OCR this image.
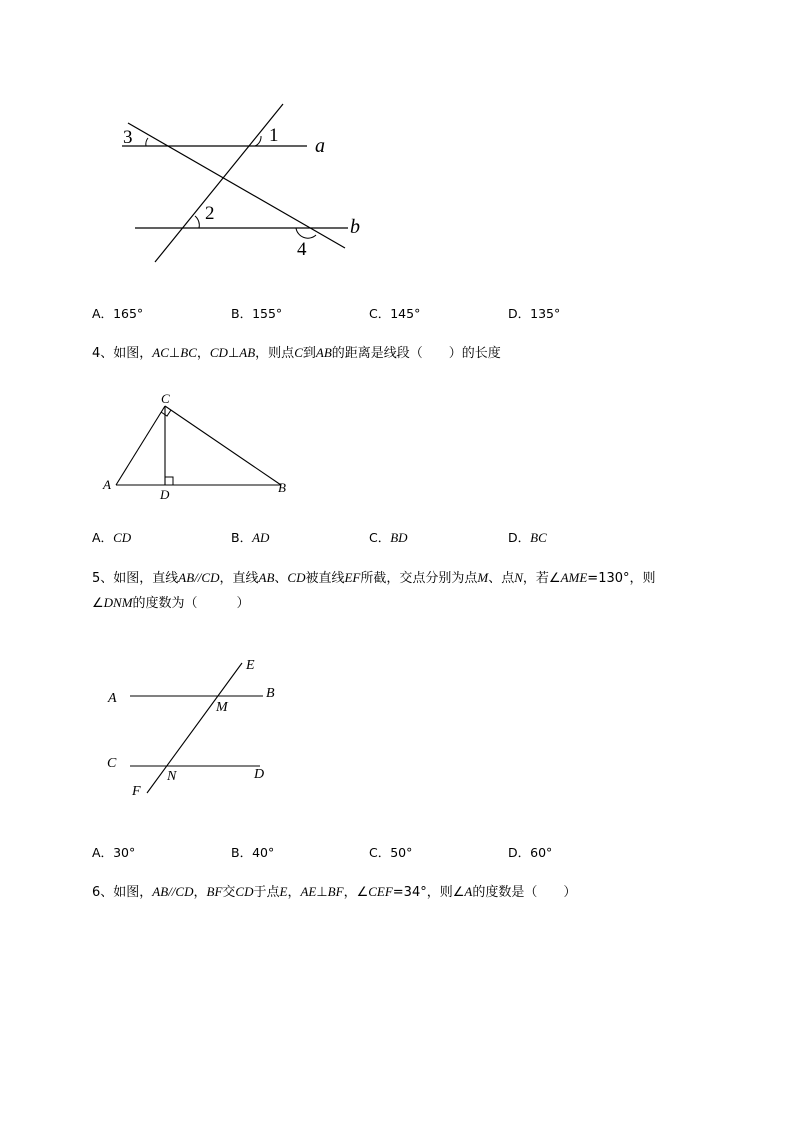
3	1
2
4
a
b
A．165°	B．155°	C．145°	D．135°
4、如图，AC⊥BC，CD⊥AB，则点C到AB的距离是线段（　　）的长度
C
A
D	B
A．CD	B．AD	C．BD	D．BC
5、如图，直线AB//CD，直线AB、CD被直线EF所截，交点分别为点M、点N，若∠AME=130°，则
∠DNM的度数为（　　　）
A	B
C
D
E
F
M
N
A．30°	B．40°	C．50°	D．60°
6、如图，AB//CD，BF交CD于点E，AE⊥BF，∠CEF=34°，则∠A的度数是（　　）
